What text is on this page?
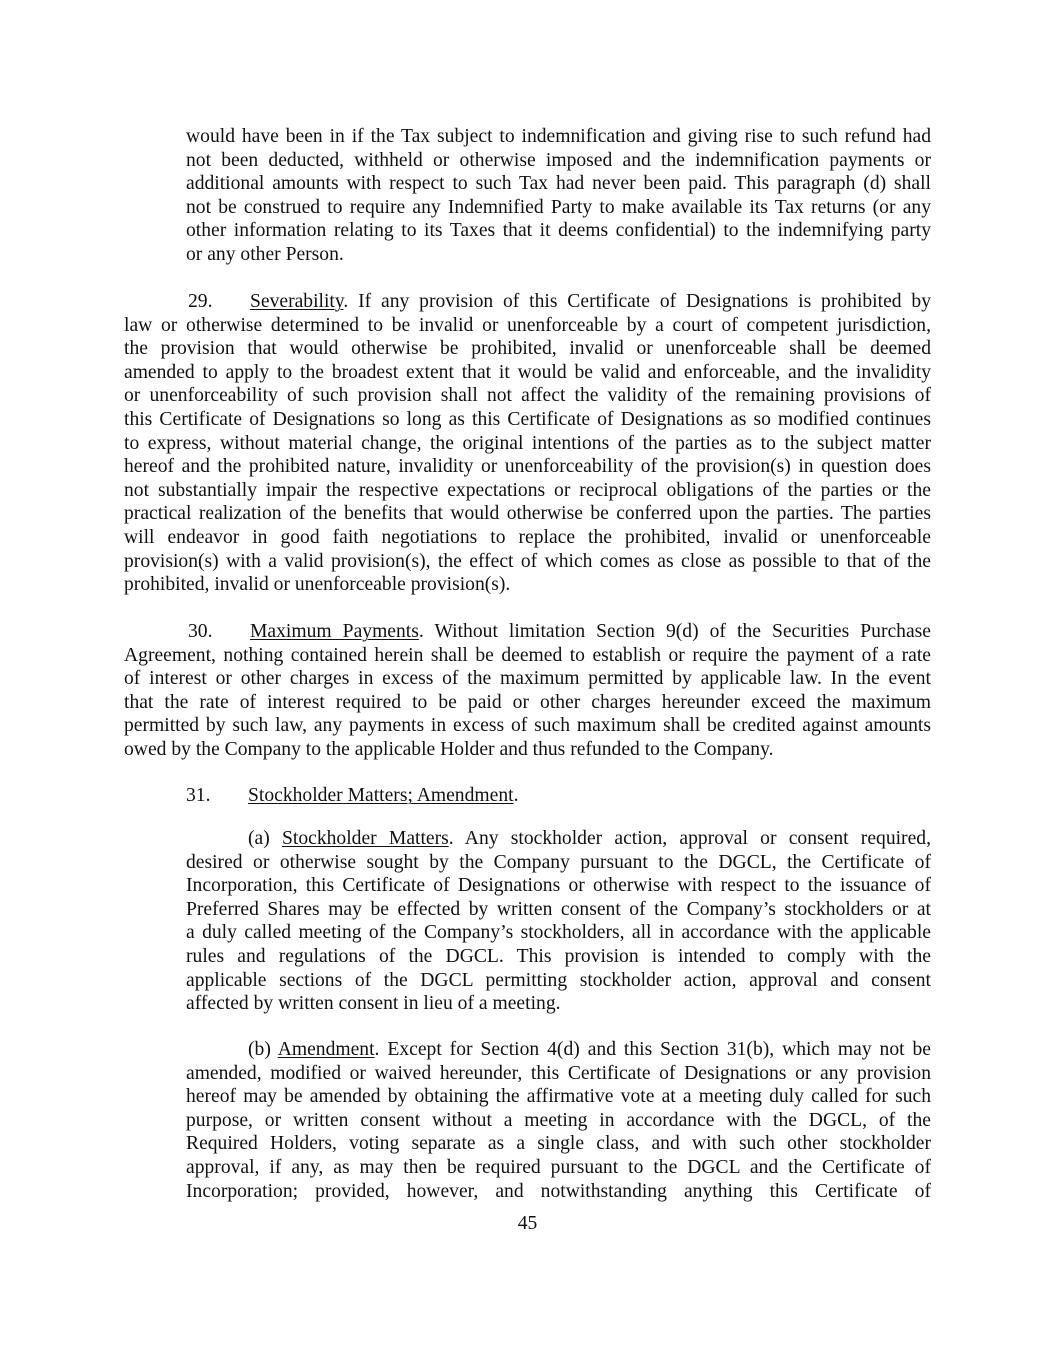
would have been in if the Tax subject to indemnification and giving rise to such refund had
not been deducted, withheld or otherwise imposed and the indemnification payments or
additional amounts with respect to such Tax had never been paid. This paragraph (d) shall
not be construed to require any Indemnified Party to make available its Tax returns (or any
other information relating to its Taxes that it deems confidential) to the indemnifying party
or any other Person.
29. Severability. If any provision of this Certificate of Designations is prohibited by
law or otherwise determined to be invalid or unenforceable by a court of competent jurisdiction,
the provision that would otherwise be prohibited, invalid or unenforceable shall be deemed
amended to apply to the broadest extent that it would be valid and enforceable, and the invalidity
or unenforceability of such provision shall not affect the validity of the remaining provisions of
this Certificate of Designations so long as this Certificate of Designations as so modified continues
to express, without material change, the original intentions of the parties as to the subject matter
hereof and the prohibited nature, invalidity or unenforceability of the provision(s) in question does
not substantially impair the respective expectations or reciprocal obligations of the parties or the
practical realization of the benefits that would otherwise be conferred upon the parties. The parties
will endeavor in good faith negotiations to replace the prohibited, invalid or unenforceable
provision(s) with a valid provision(s), the effect of which comes as close as possible to that of the
prohibited, invalid or unenforceable provision(s).
30. Maximum Payments. Without limitation Section 9(d) of the Securities Purchase
Agreement, nothing contained herein shall be deemed to establish or require the payment of a rate
of interest or other charges in excess of the maximum permitted by applicable law. In the event
that the rate of interest required to be paid or other charges hereunder exceed the maximum
permitted by such law, any payments in excess of such maximum shall be credited against amounts
owed by the Company to the applicable Holder and thus refunded to the Company.
31. Stockholder Matters; Amendment.
(a) Stockholder Matters. Any stockholder action, approval or consent required,
desired or otherwise sought by the Company pursuant to the DGCL, the Certificate of
Incorporation, this Certificate of Designations or otherwise with respect to the issuance of
Preferred Shares may be effected by written consent of the Company’s stockholders or at
a duly called meeting of the Company’s stockholders, all in accordance with the applicable
rules and regulations of the DGCL. This provision is intended to comply with the
applicable sections of the DGCL permitting stockholder action, approval and consent
affected by written consent in lieu of a meeting.
(b) Amendment. Except for Section 4(d) and this Section 31(b), which may not be
amended, modified or waived hereunder, this Certificate of Designations or any provision
hereof may be amended by obtaining the affirmative vote at a meeting duly called for such
purpose, or written consent without a meeting in accordance with the DGCL, of the
Required Holders, voting separate as a single class, and with such other stockholder
approval, if any, as may then be required pursuant to the DGCL and the Certificate of
Incorporation; provided, however, and notwithstanding anything this Certificate of
45
